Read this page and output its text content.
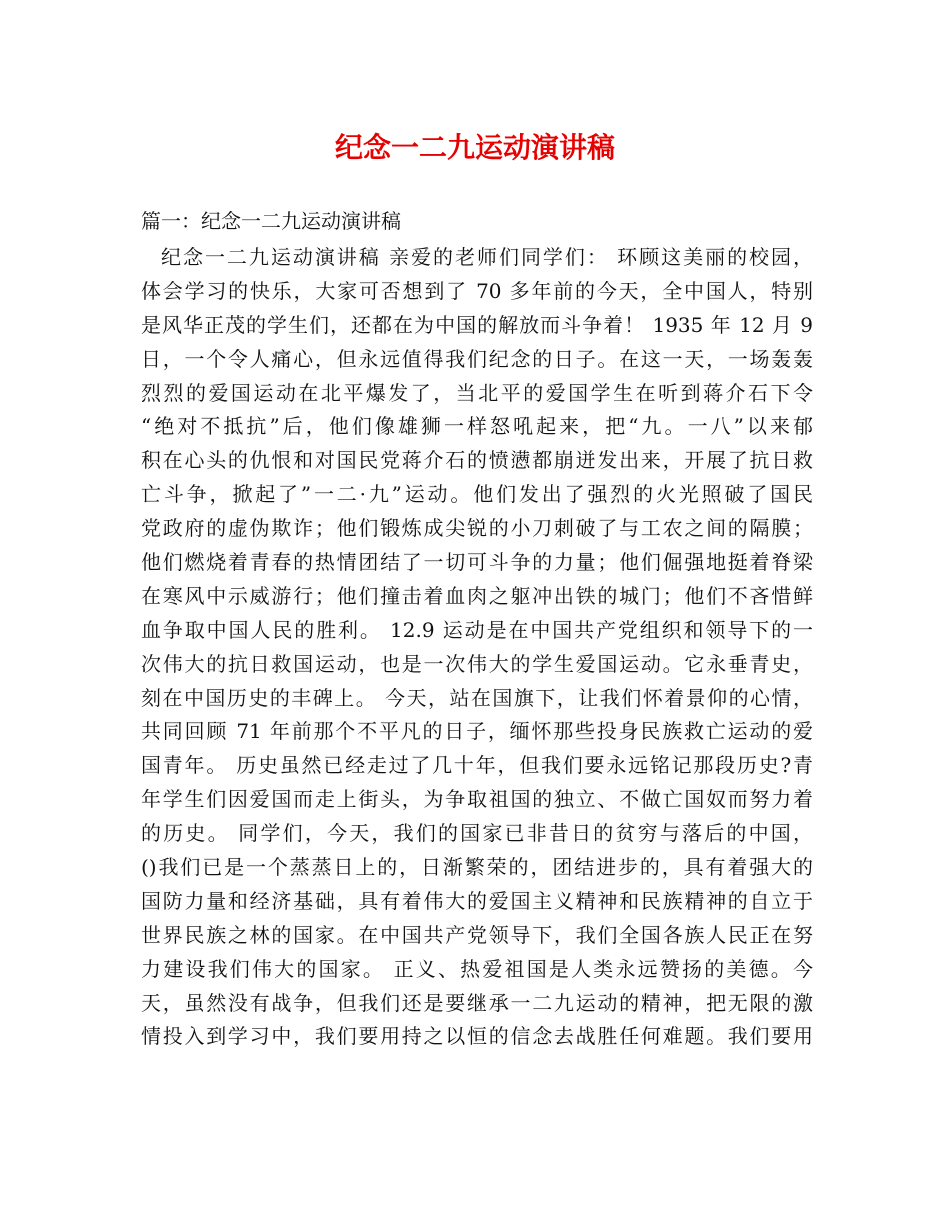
纪念一二九运动演讲稿

篇一：纪念一二九运动演讲稿

纪念一二九运动演讲稿 亲爱的老师们同学们： 环顾这美丽的校园，
体会学习的快乐，大家可否想到了 70 多年前的今天，全中国人，特别
是风华正茂的学生们，还都在为中国的解放而斗争着！ 1935 年 12 月 9
日，一个令人痛心，但永远值得我们纪念的日子。在这一天，一场轰轰
烈烈的爱国运动在北平爆发了，当北平的爱国学生在听到蒋介石下令
“绝对不抵抗”后，他们像雄狮一样怒吼起来，把“九。一八”以来郁
积在心头的仇恨和对国民党蒋介石的愤懑都崩迸发出来，开展了抗日救
亡斗争，掀起了”一二·九”运动。他们发出了强烈的火光照破了国民
党政府的虚伪欺诈；他们锻炼成尖锐的小刀刺破了与工农之间的隔膜；
他们燃烧着青春的热情团结了一切可斗争的力量；他们倔强地挺着脊梁
在寒风中示威游行；他们撞击着血肉之躯冲出铁的城门；他们不吝惜鲜
血争取中国人民的胜利。 12.9 运动是在中国共产党组织和领导下的一
次伟大的抗日救国运动，也是一次伟大的学生爱国运动。它永垂青史，
刻在中国历史的丰碑上。 今天，站在国旗下，让我们怀着景仰的心情，
共同回顾 71 年前那个不平凡的日子，缅怀那些投身民族救亡运动的爱
国青年。 历史虽然已经走过了几十年，但我们要永远铭记那段历史?青
年学生们因爱国而走上街头，为争取祖国的独立、不做亡国奴而努力着
的历史。 同学们，今天，我们的国家已非昔日的贫穷与落后的中国，
()我们已是一个蒸蒸日上的，日渐繁荣的，团结进步的，具有着强大的
国防力量和经济基础，具有着伟大的爱国主义精神和民族精神的自立于
世界民族之林的国家。在中国共产党领导下，我们全国各族人民正在努
力建设我们伟大的国家。 正义、热爱祖国是人类永远赞扬的美德。今
天，虽然没有战争，但我们还是要继承一二九运动的精神，把无限的激
情投入到学习中，我们要用持之以恒的信念去战胜任何难题。我们要用
